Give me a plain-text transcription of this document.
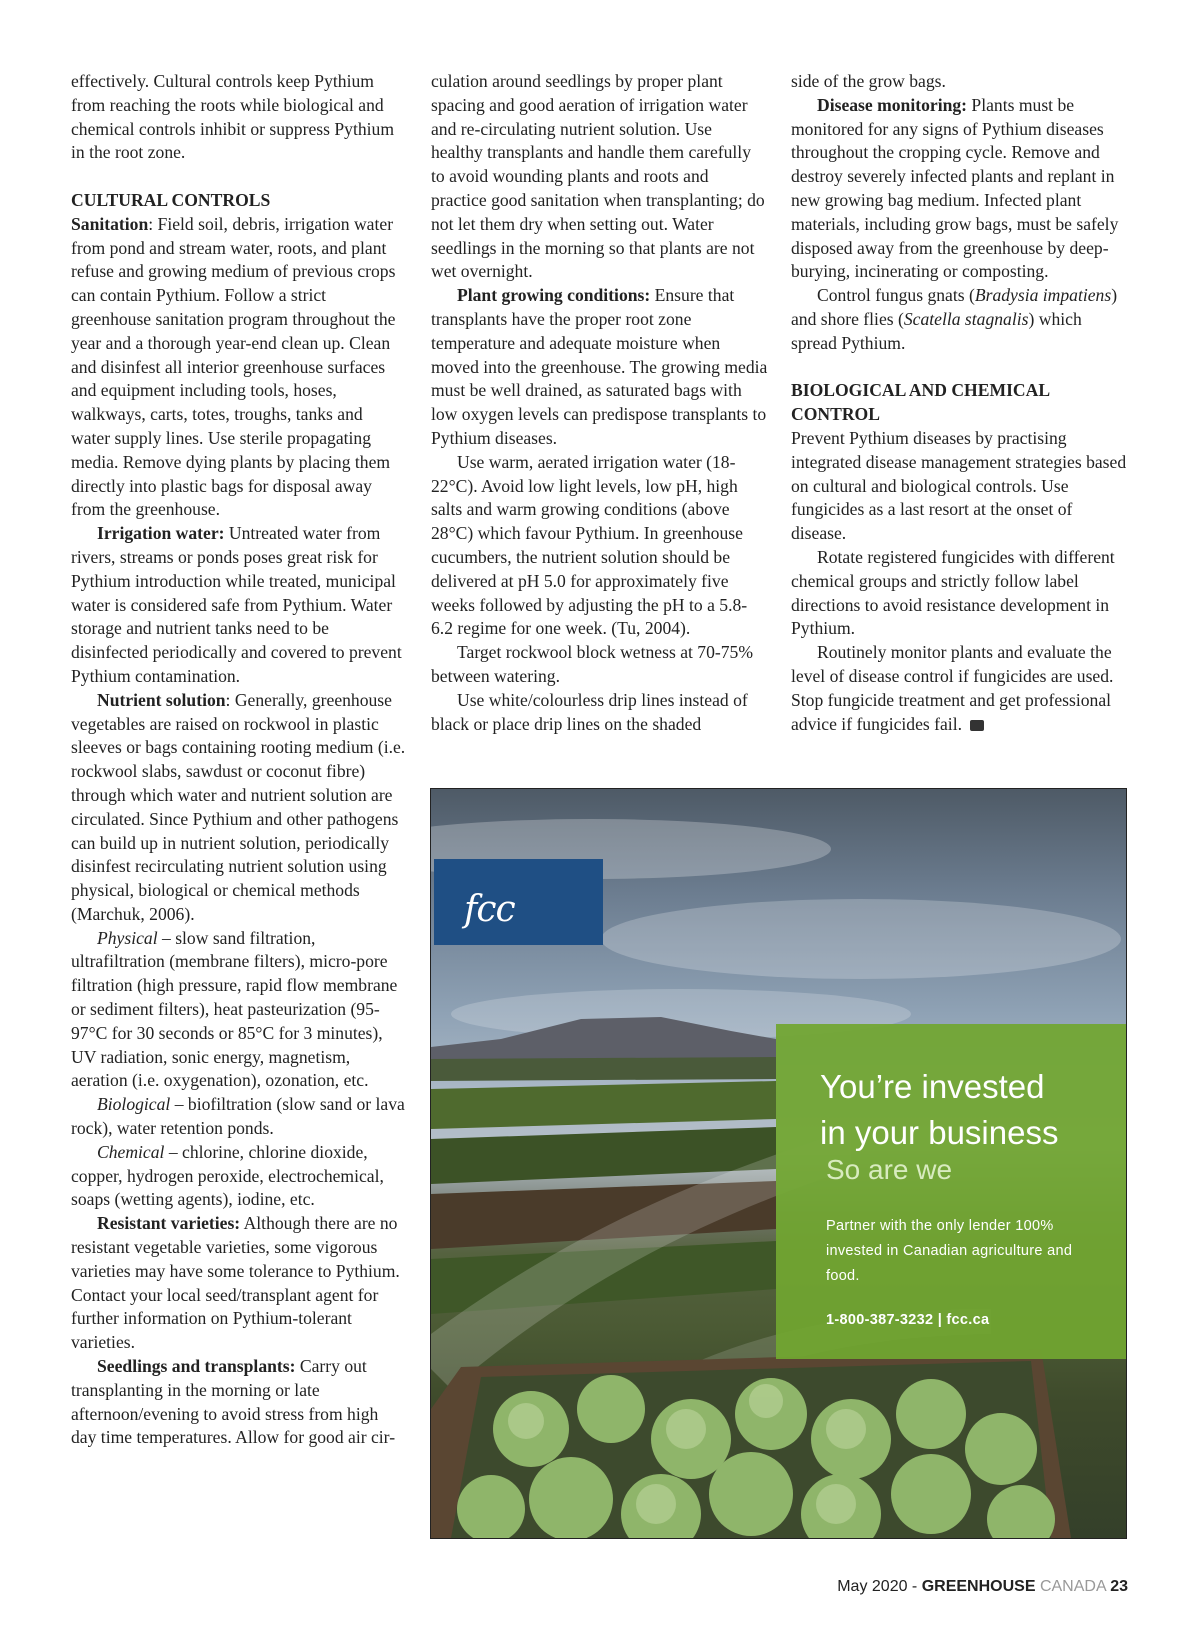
effectively. Cultural controls keep Pythium from reaching the roots while biological and chemical controls inhibit or suppress Pythium in the root zone.

CULTURAL CONTROLS

Sanitation: Field soil, debris, irrigation water from pond and stream water, roots, and plant refuse and growing medium of previous crops can contain Pythium. Follow a strict greenhouse sanitation program throughout the year and a thorough year-end clean up. Clean and disinfest all interior greenhouse surfaces and equipment including tools, hoses, walkways, carts, totes, troughs, tanks and water supply lines. Use sterile propagating media. Remove dying plants by placing them directly into plastic bags for disposal away from the greenhouse.

Irrigation water: Untreated water from rivers, streams or ponds poses great risk for Pythium introduction while treated, municipal water is considered safe from Pythium. Water storage and nutrient tanks need to be disinfected periodically and covered to prevent Pythium contamination.

Nutrient solution: Generally, greenhouse vegetables are raised on rockwool in plastic sleeves or bags containing rooting medium (i.e. rockwool slabs, sawdust or coconut fibre) through which water and nutrient solution are circulated. Since Pythium and other pathogens can build up in nutrient solution, periodically disinfest recirculating nutrient solution using physical, biological or chemical methods (Marchuk, 2006).

Physical – slow sand filtration, ultrafiltration (membrane filters), micro-pore filtration (high pressure, rapid flow membrane or sediment filters), heat pasteurization (95-97°C for 30 seconds or 85°C for 3 minutes), UV radiation, sonic energy, magnetism, aeration (i.e. oxygenation), ozonation, etc.

Biological – biofiltration (slow sand or lava rock), water retention ponds.

Chemical – chlorine, chlorine dioxide, copper, hydrogen peroxide, electrochemical, soaps (wetting agents), iodine, etc.

Resistant varieties: Although there are no resistant vegetable varieties, some vigorous varieties may have some tolerance to Pythium. Contact your local seed/transplant agent for further information on Pythium-tolerant varieties.

Seedlings and transplants: Carry out transplanting in the morning or late afternoon/evening to avoid stress from high day time temperatures. Allow for good air cir-

culation around seedlings by proper plant spacing and good aeration of irrigation water and re-circulating nutrient solution. Use healthy transplants and handle them carefully to avoid wounding plants and roots and practice good sanitation when transplanting; do not let them dry when setting out. Water seedlings in the morning so that plants are not wet overnight.

Plant growing conditions: Ensure that transplants have the proper root zone temperature and adequate moisture when moved into the greenhouse. The growing media must be well drained, as saturated bags with low oxygen levels can predispose transplants to Pythium diseases.

Use warm, aerated irrigation water (18-22°C). Avoid low light levels, low pH, high salts and warm growing conditions (above 28°C) which favour Pythium. In greenhouse cucumbers, the nutrient solution should be delivered at pH 5.0 for approximately five weeks followed by adjusting the pH to a 5.8-6.2 regime for one week. (Tu, 2004).

Target rockwool block wetness at 70-75% between watering.

Use white/colourless drip lines instead of black or place drip lines on the shaded

side of the grow bags.

Disease monitoring: Plants must be monitored for any signs of Pythium diseases throughout the cropping cycle. Remove and destroy severely infected plants and replant in new growing bag medium. Infected plant materials, including grow bags, must be safely disposed away from the greenhouse by deep-burying, incinerating or composting.

Control fungus gnats (Bradysia impatiens) and shore flies (Scatella stagnalis) which spread Pythium.

BIOLOGICAL AND CHEMICAL CONTROL

Prevent Pythium diseases by practising integrated disease management strategies based on cultural and biological controls. Use fungicides as a last resort at the onset of disease.

Rotate registered fungicides with different chemical groups and strictly follow label directions to avoid resistance development in Pythium.

Routinely monitor plants and evaluate the level of disease control if fungicides are used. Stop fungicide treatment and get professional advice if fungicides fail.	GC

fcc
You’re invested
in your business
So are we
Partner with the only lender 100% invested in Canadian agriculture and food.
1-800-387-3232 | fcc.ca
May 2020 - GREENHOUSE CANADA 23
